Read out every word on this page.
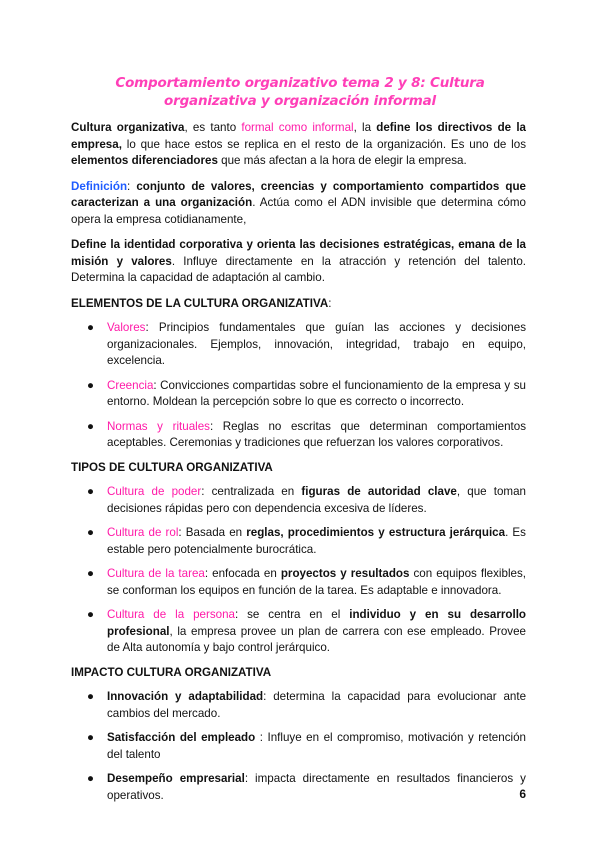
Comportamiento organizativo tema 2 y 8: Cultura organizativa y organización informal

Cultura organizativa, es tanto formal como informal, la define los directivos de la empresa, lo que hace estos se replica en el resto de la organización. Es uno de los elementos diferenciadores que más afectan a la hora de elegir la empresa.

Definición: conjunto de valores, creencias y comportamiento compartidos que caracterizan a una organización. Actúa como el ADN invisible que determina cómo opera la empresa cotidianamente,

Define la identidad corporativa y orienta las decisiones estratégicas, emana de la misión y valores. Influye directamente en la atracción y retención del talento. Determina la capacidad de adaptación al cambio.

ELEMENTOS DE LA CULTURA ORGANIZATIVA:
● Valores: Principios fundamentales que guían las acciones y decisiones organizacionales. Ejemplos, innovación, integridad, trabajo en equipo, excelencia.
● Creencia: Convicciones compartidas sobre el funcionamiento de la empresa y su entorno. Moldean la percepción sobre lo que es correcto o incorrecto.
● Normas y rituales: Reglas no escritas que determinan comportamientos aceptables. Ceremonias y tradiciones que refuerzan los valores corporativos.
TIPOS DE CULTURA ORGANIZATIVA
● Cultura de poder: centralizada en figuras de autoridad clave, que toman decisiones rápidas pero con dependencia excesiva de líderes.
● Cultura de rol: Basada en reglas, procedimientos y estructura jerárquica. Es estable pero potencialmente burocrática.
● Cultura de la tarea: enfocada en proyectos y resultados con equipos flexibles, se conforman los equipos en función de la tarea. Es adaptable e innovadora.
● Cultura de la persona: se centra en el individuo y en su desarrollo profesional, la empresa provee un plan de carrera con ese empleado. Provee de Alta autonomía y bajo control jerárquico.
IMPACTO CULTURA ORGANIZATIVA
● Innovación y adaptabilidad: determina la capacidad para evolucionar ante cambios del mercado.
● Satisfacción del empleado : Influye en el compromiso, motivación y retención del talento
● Desempeño empresarial: impacta directamente en resultados financieros y operativos.	6
